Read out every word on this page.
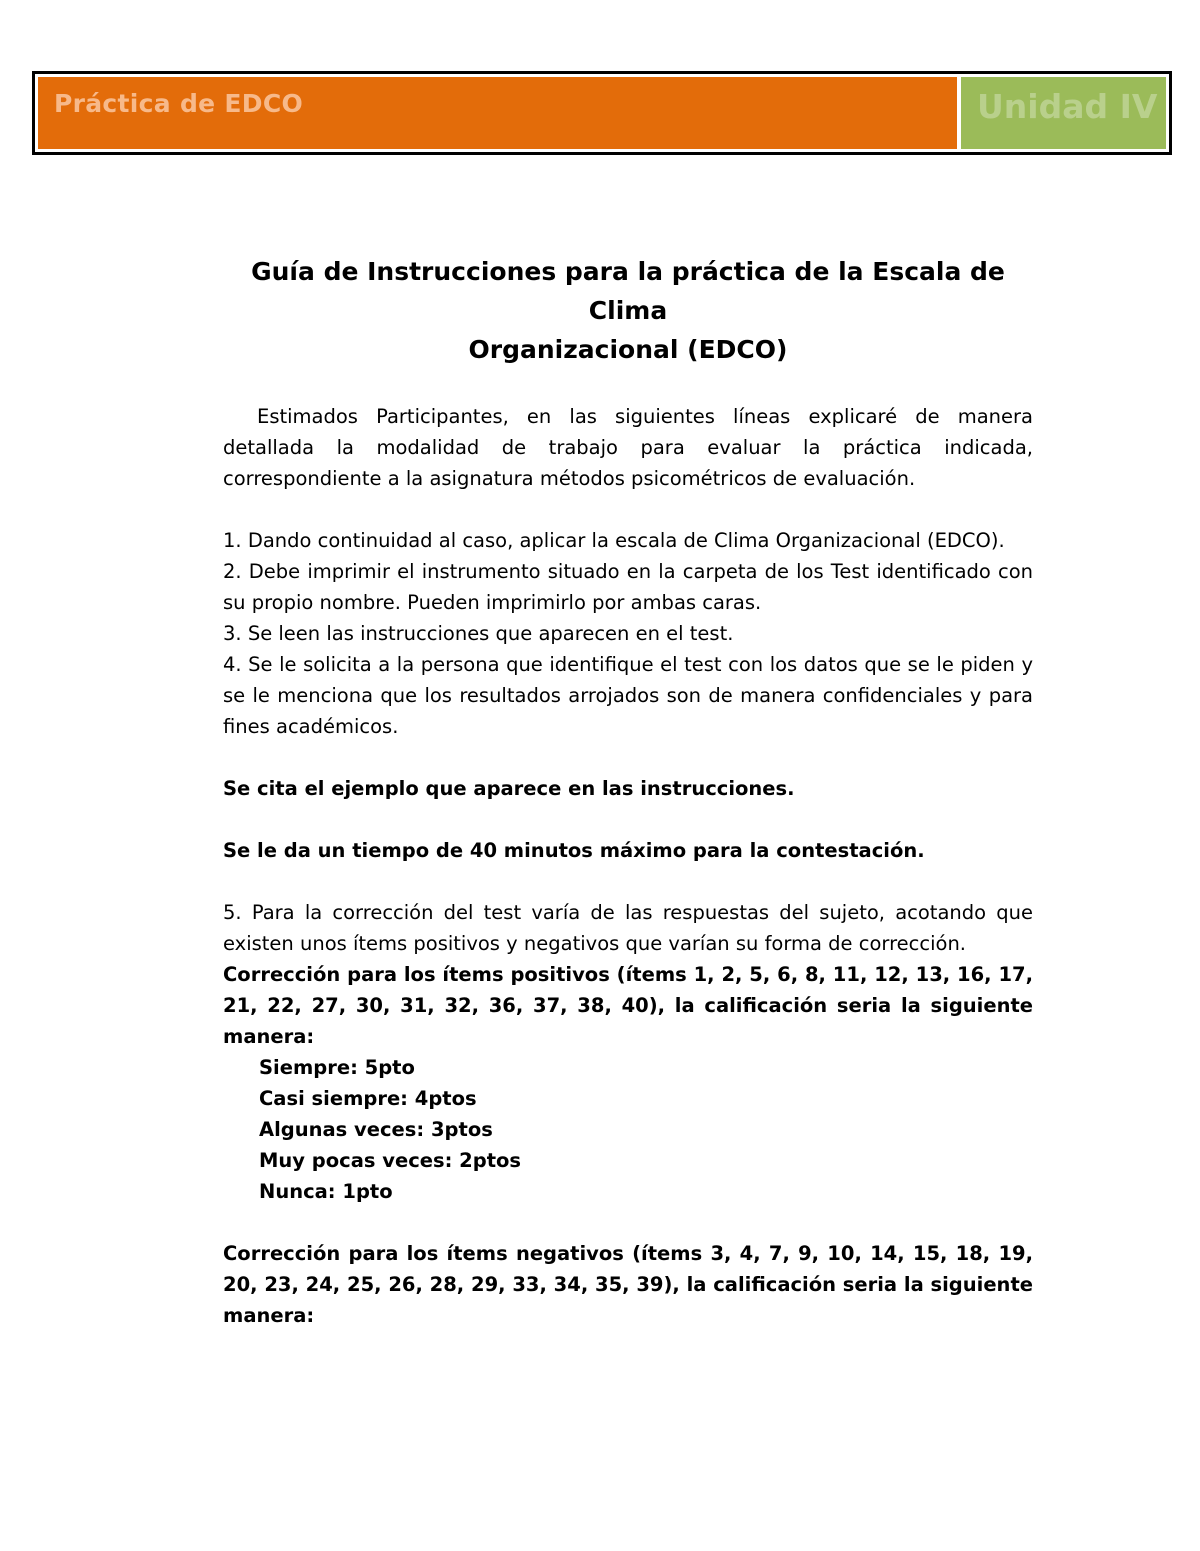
Práctica de EDCO	Unidad IV
Guía de Instrucciones para la práctica de la Escala de Clima
Organizacional (EDCO)

Estimados Participantes, en las siguientes líneas explicaré de manera detallada la modalidad de trabajo para evaluar la práctica indicada, correspondiente a la asignatura métodos psicométricos de evaluación.

1. Dando continuidad al caso, aplicar la escala de Clima Organizacional (EDCO).

2. Debe imprimir el instrumento situado en la carpeta de los Test identificado con su propio nombre. Pueden imprimirlo por ambas caras.

3. Se leen las instrucciones que aparecen en el test.

4. Se le solicita a la persona que identifique el test con los datos que se le piden y se le menciona que los resultados arrojados son de manera confidenciales y para fines académicos.

Se cita el ejemplo que aparece en las instrucciones.

Se le da un tiempo de 40 minutos máximo para la contestación.

5. Para la corrección del test varía de las respuestas del sujeto, acotando que existen unos ítems positivos y negativos que varían su forma de corrección.

Corrección para los ítems positivos (ítems 1, 2, 5, 6, 8, 11, 12, 13, 16, 17, 21, 22, 27, 30, 31, 32, 36, 37, 38, 40), la calificación seria la siguiente manera:

Siempre: 5pto
Casi siempre: 4ptos
Algunas veces: 3ptos
Muy pocas veces: 2ptos
Nunca: 1pto

Corrección para los ítems negativos (ítems 3, 4, 7, 9, 10, 14, 15, 18, 19, 20, 23, 24, 25, 26, 28, 29, 33, 34, 35, 39), la calificación seria la siguiente manera:
